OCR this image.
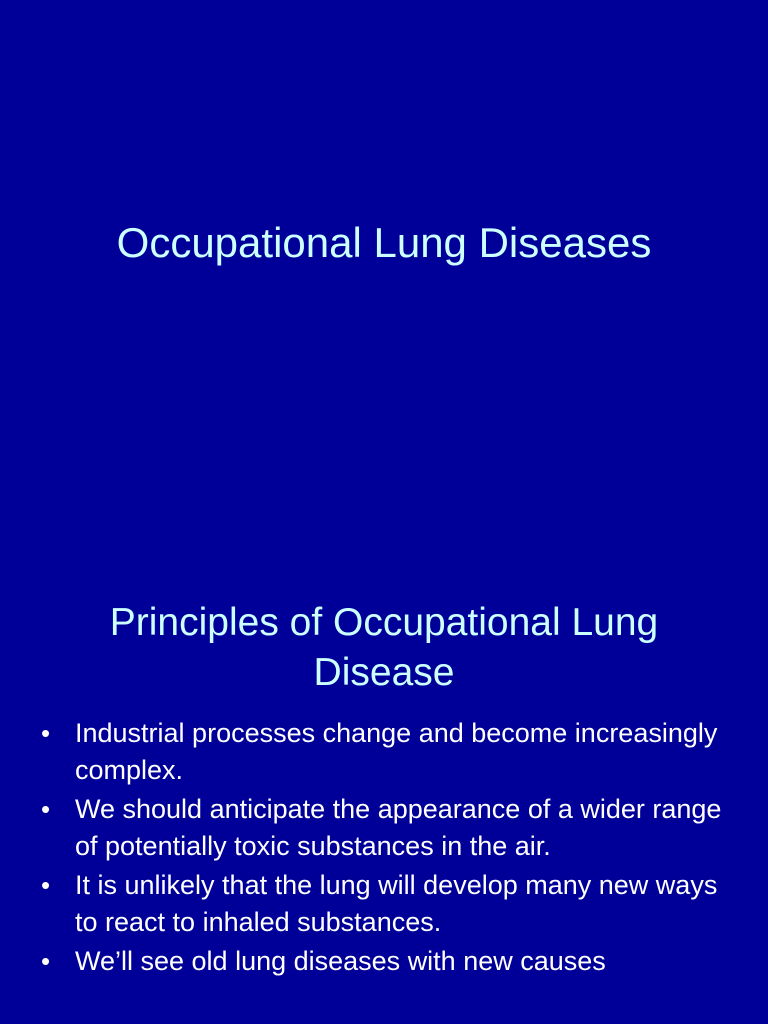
Occupational Lung Diseases
Principles of Occupational Lung Disease
• Industrial processes change and become increasingly complex.
• We should anticipate the appearance of a wider range of potentially toxic substances in the air.
• It is unlikely that the lung will develop many new ways to react to inhaled substances.
• We’ll see old lung diseases with new causes
